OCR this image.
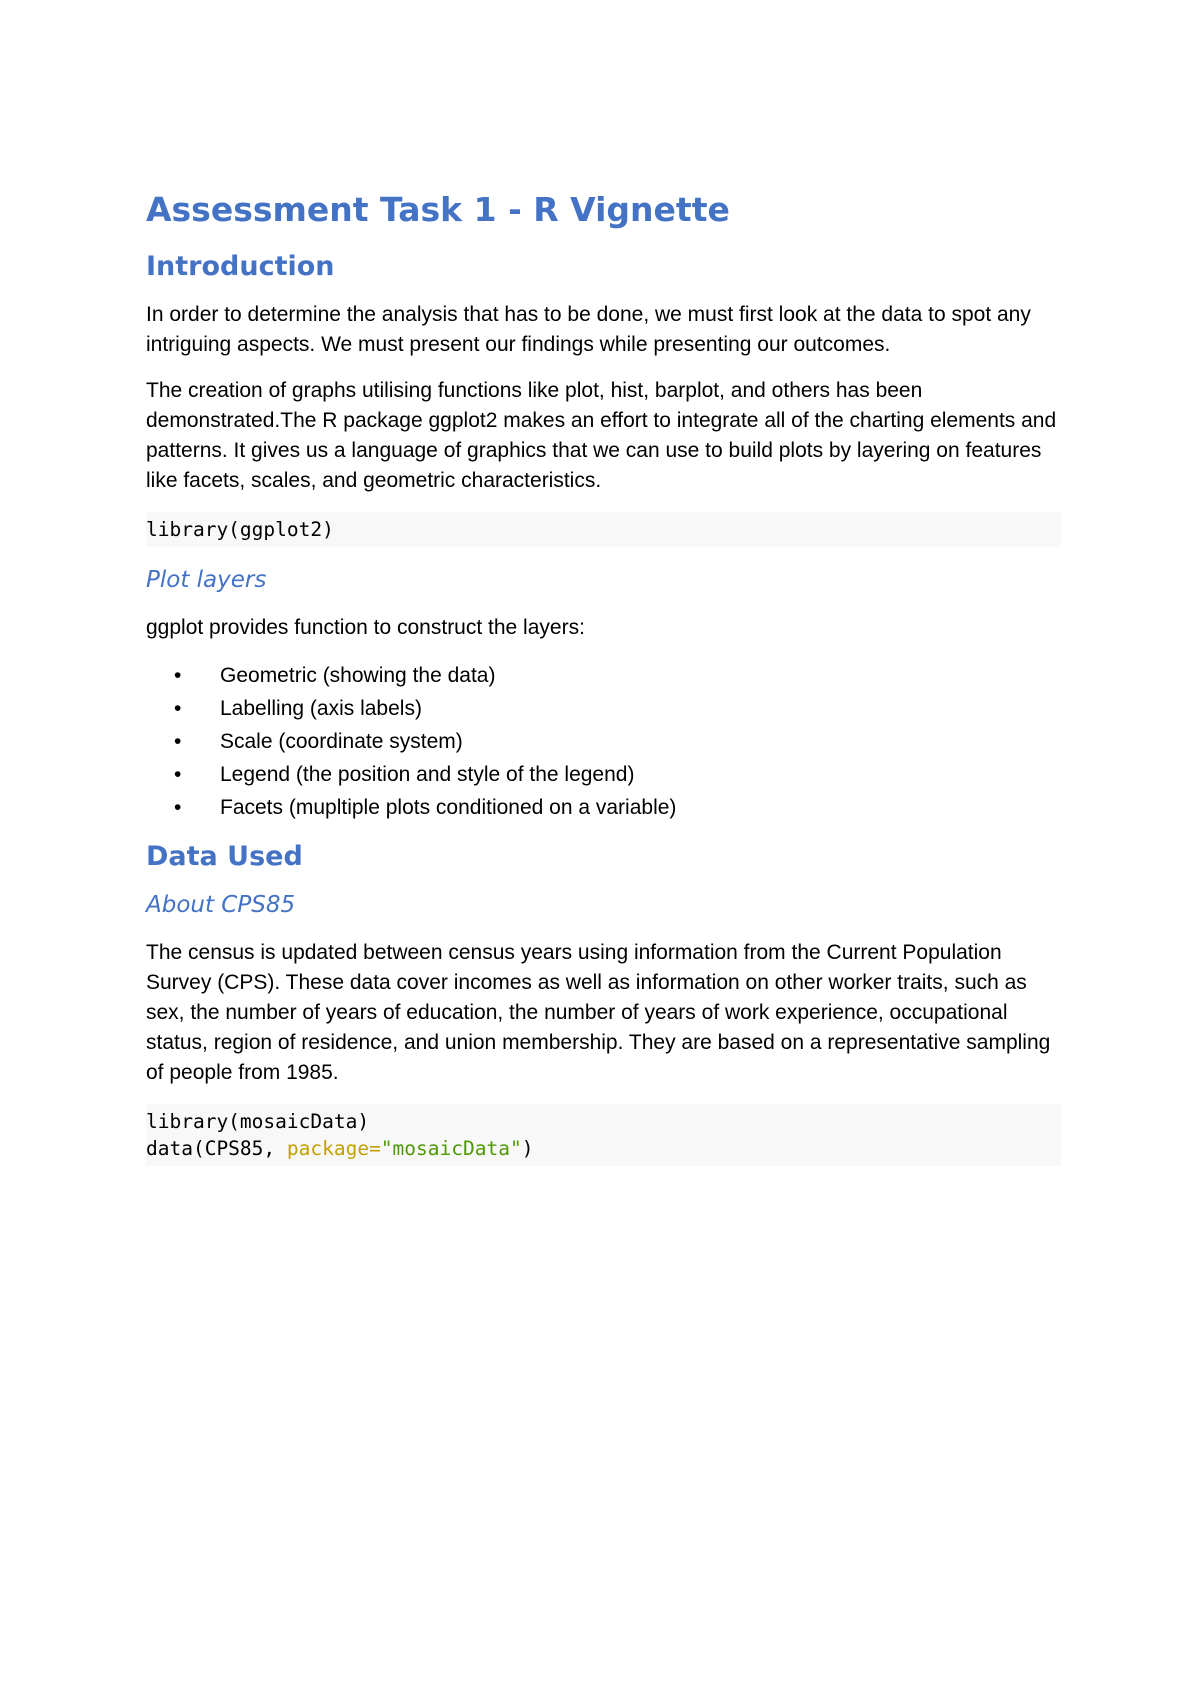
Assessment Task 1 - R Vignette
Introduction

In order to determine the analysis that has to be done, we must first look at the data to spot any intriguing aspects. We must present our findings while presenting our outcomes.

The creation of graphs utilising functions like plot, hist, barplot, and others has been demonstrated.The R package ggplot2 makes an effort to integrate all of the charting elements and patterns. It gives us a language of graphics that we can use to build plots by layering on features like facets, scales, and geometric characteristics.

library(ggplot2)
Plot layers

ggplot provides function to construct the layers:

• Geometric (showing the data)
• Labelling (axis labels)
• Scale (coordinate system)
• Legend (the position and style of the legend)
• Facets (mupltiple plots conditioned on a variable)
Data Used
About CPS85

The census is updated between census years using information from the Current Population Survey (CPS). These data cover incomes as well as information on other worker traits, such as sex, the number of years of education, the number of years of work experience, occupational status, region of residence, and union membership. They are based on a representative sampling of people from 1985.

library(mosaicData)
data(CPS85, package="mosaicData")
